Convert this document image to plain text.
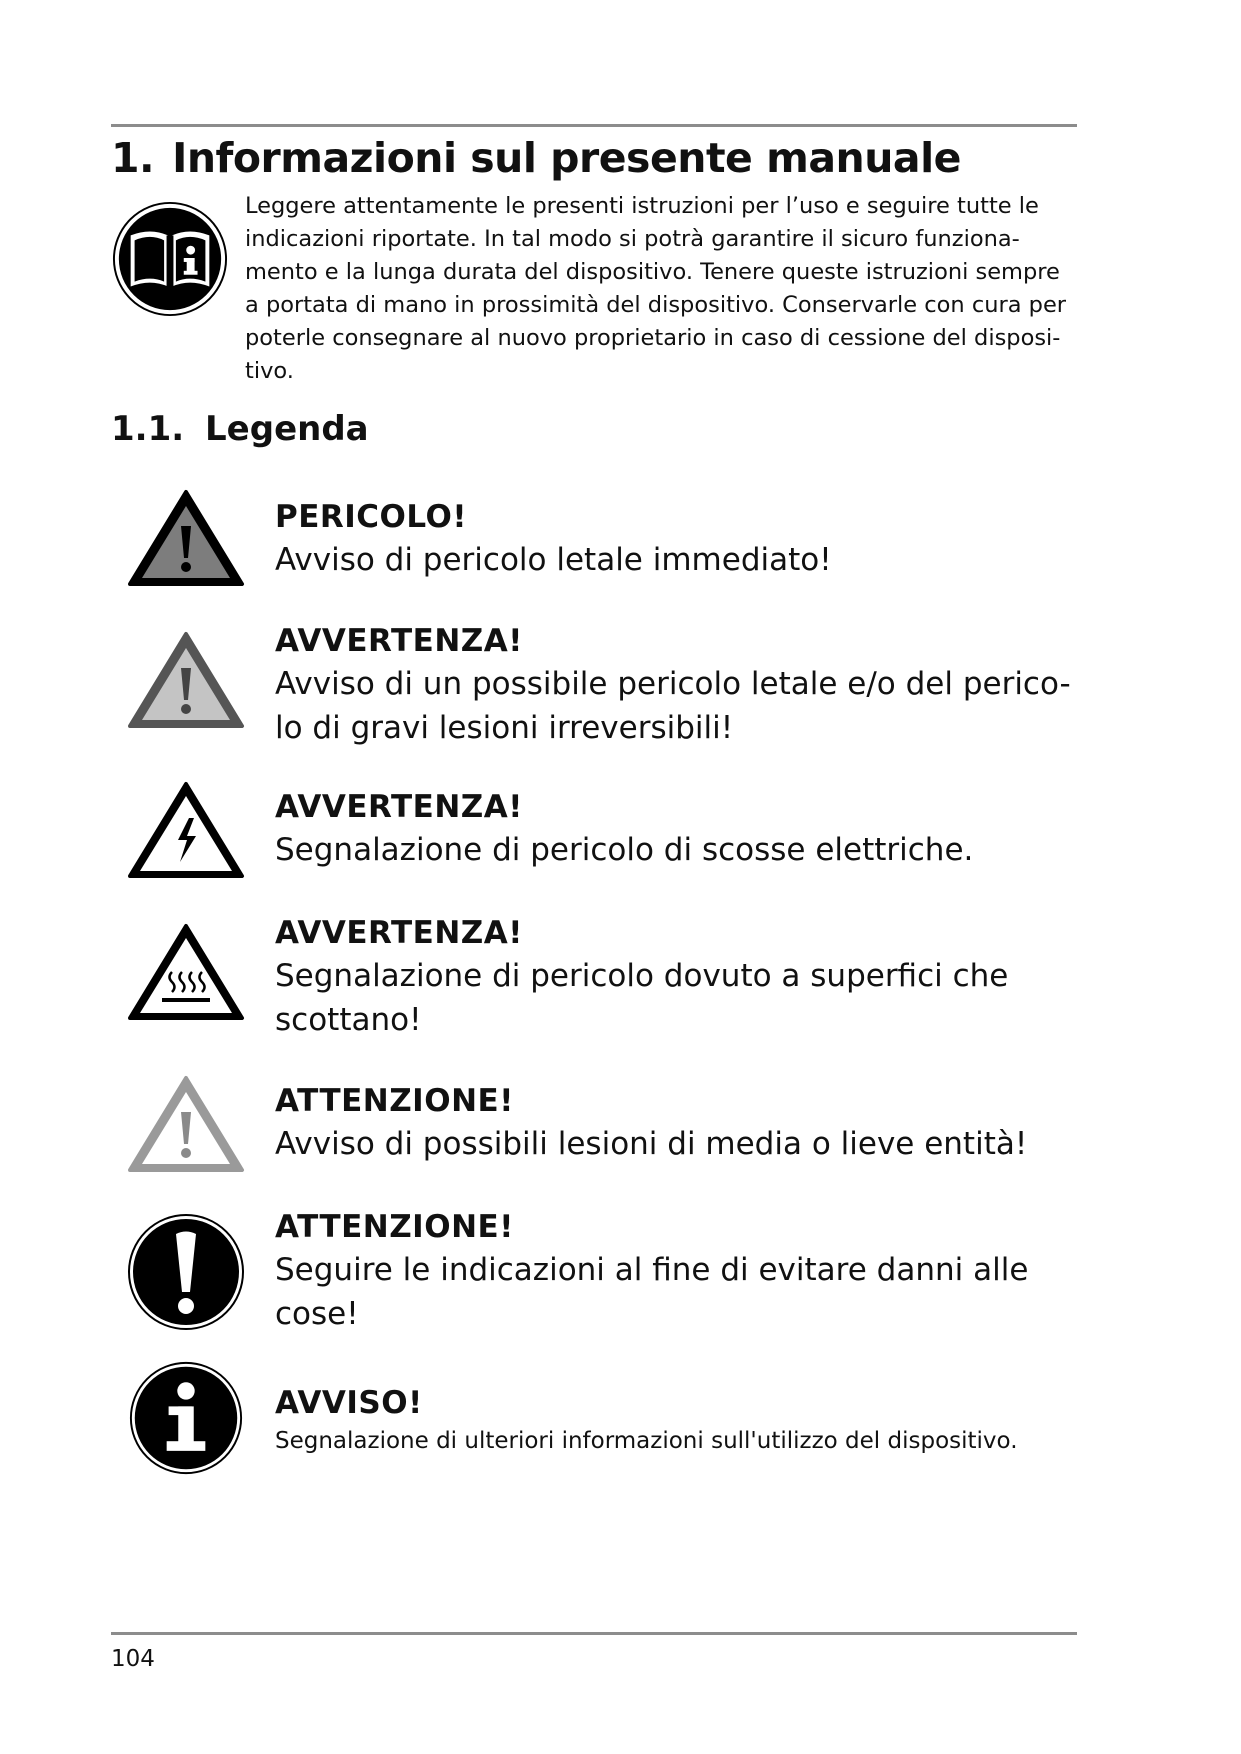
1. Informazioni sul presente manuale

Leggere attentamente le presenti istruzioni per l’uso e seguire tutte le

indicazioni riportate. In tal modo si potrà garantire il sicuro funziona-

mento e la lunga durata del dispositivo. Tenere queste istruzioni sempre

a portata di mano in prossimità del dispositivo. Conservarle con cura per

poterle consegnare al nuovo proprietario in caso di cessione del disposi-

tivo.

1.1. Legenda
PERICOLO!

Avviso di pericolo letale immediato!

AVVERTENZA!

Avviso di un possibile pericolo letale e/o del perico-

lo di gravi lesioni irreversibili!

AVVERTENZA!

Segnalazione di pericolo di scosse elettriche.

AVVERTENZA!

Segnalazione di pericolo dovuto a superfici che

scottano!

ATTENZIONE!

Avviso di possibili lesioni di media o lieve entità!

ATTENZIONE!

Seguire le indicazioni al fine di evitare danni alle

cose!

AVVISO!

Segnalazione di ulteriori informazioni sull'utilizzo del dispositivo.

104
